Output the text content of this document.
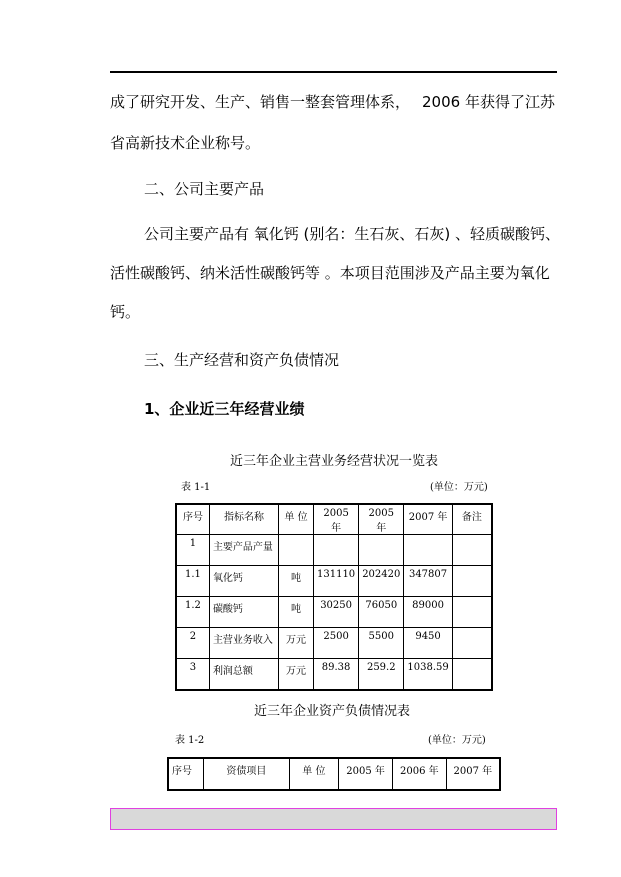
成了研究开发、生产、销售一整套管理体系， 2006 年获得了江苏
省高新技术企业称号。
二、公司主要产品
公司主要产品有 氧化钙 (别名：生石灰、石灰) 、轻质碳酸钙、
活性碳酸钙、纳米活性碳酸钙等 。本项目范围涉及产品主要为氧化
钙。
三、生产经营和资产负债情况
1、企业近三年经营业绩
近三年企业主营业务经营状况一览表
表 1-1	(单位：万元)
序号	指标名称	单 位	2005 年	2005 年	2007 年	备注
1	主要产品产量					
1.1	氧化钙	吨	131110	202420	347807	
1.2	碳酸钙	吨	30250	76050	89000	
2	主营业务收入	万元	2500	5500	9450	
3	利润总额	万元	89.38	259.2	1038.59	
近三年企业资产负债情况表
表 1-2	(单位：万元)
序号	资债项目	单 位	2005 年	2006 年	2007 年
